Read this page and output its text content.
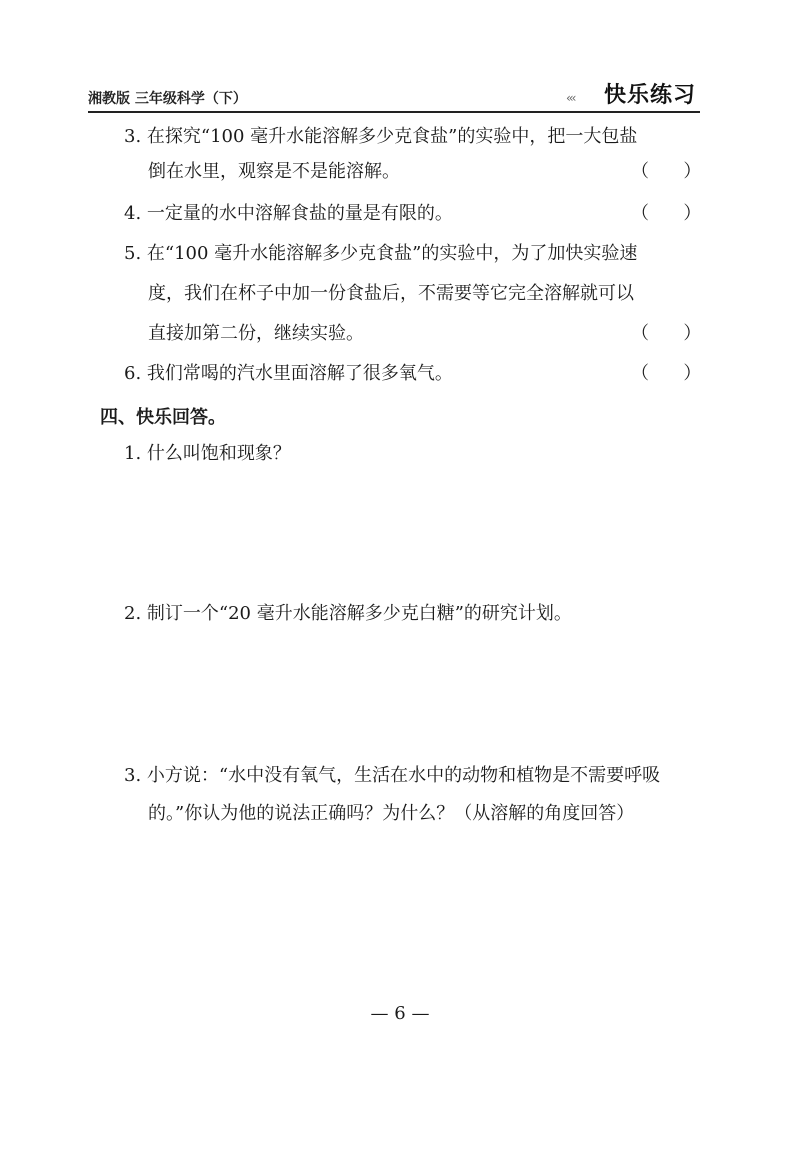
湘教版 三年级科学（下）	‹‹‹ 快乐练习
3. 在探究“100 毫升水能溶解多少克食盐”的实验中，把一大包盐
倒在水里，观察是不是能溶解。	（      ）
4. 一定量的水中溶解食盐的量是有限的。	（      ）
5. 在“100 毫升水能溶解多少克食盐”的实验中，为了加快实验速
度，我们在杯子中加一份食盐后，不需要等它完全溶解就可以
直接加第二份，继续实验。	（      ）
6. 我们常喝的汽水里面溶解了很多氧气。	（      ）
四、快乐回答。
1. 什么叫饱和现象？
2. 制订一个“20 毫升水能溶解多少克白糖”的研究计划。
3. 小方说：“水中没有氧气，生活在水中的动物和植物是不需要呼吸
的。”你认为他的说法正确吗？为什么？（从溶解的角度回答）
— 6 —
